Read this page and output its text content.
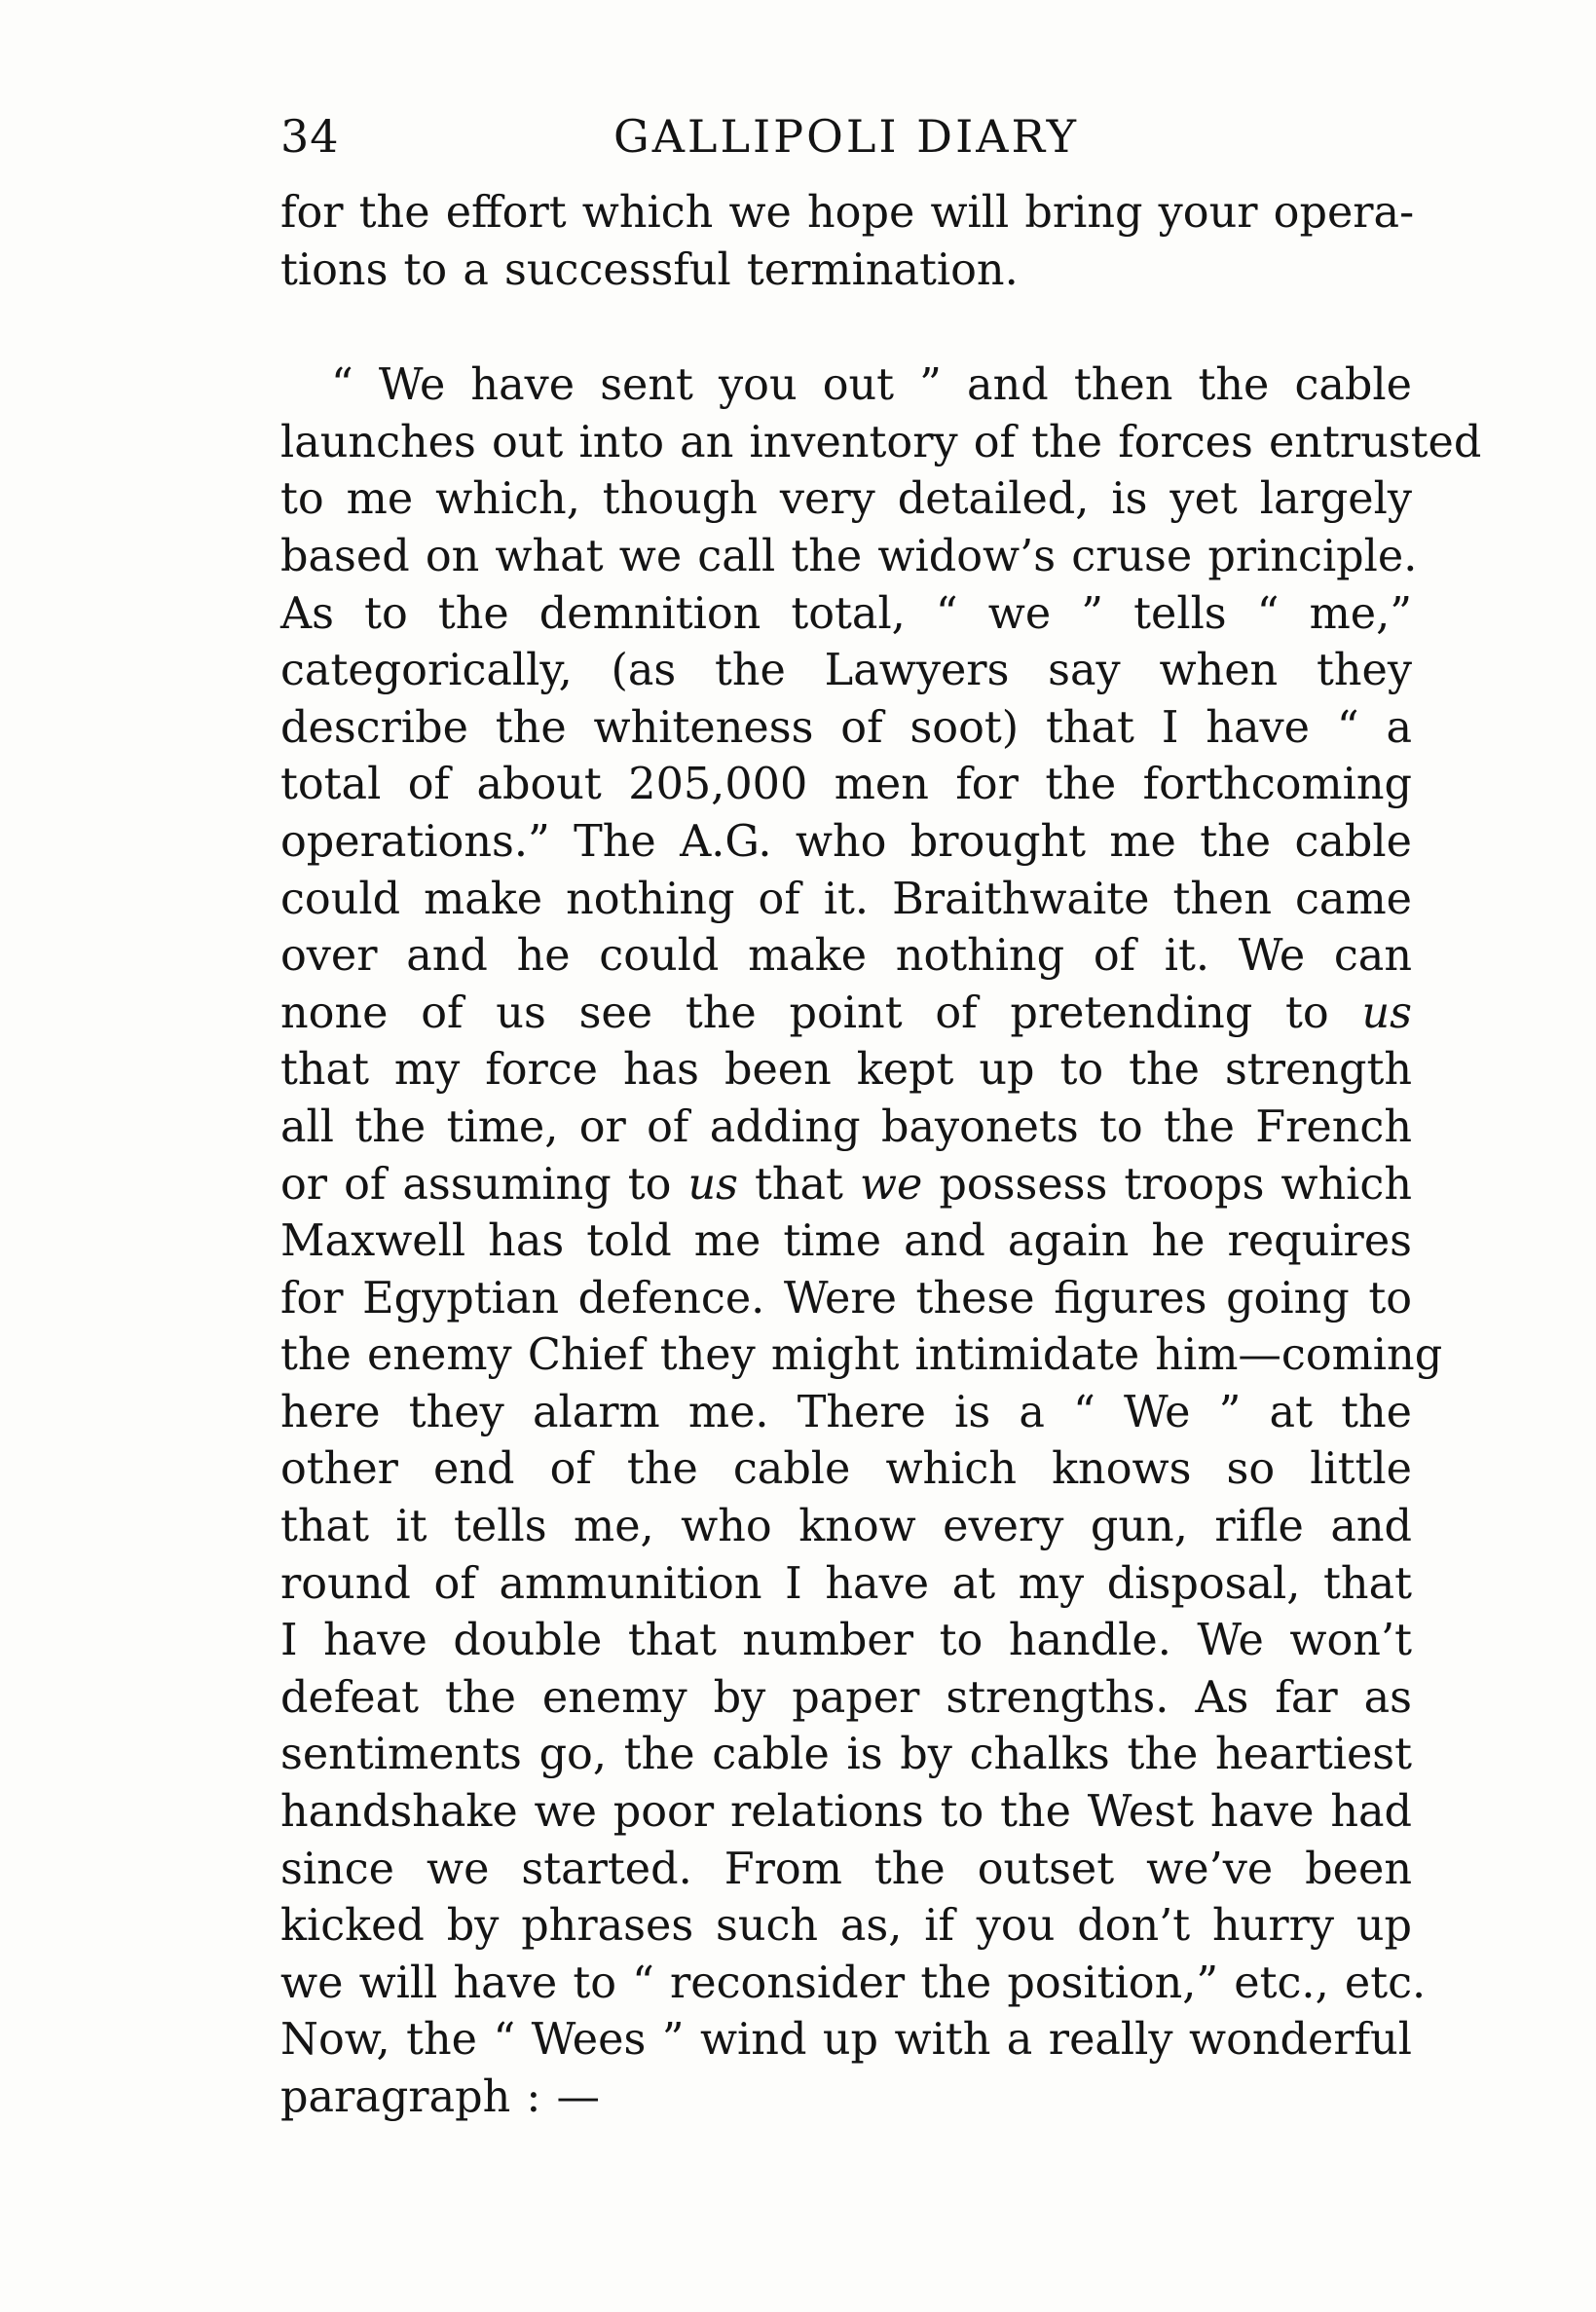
34	GALLIPOLI DIARY

for the effort which we hope will bring your opera-
tions to a successful termination.

“ We have sent you out ” and then the cable
launches out into an inventory of the forces entrusted
to me which, though very detailed, is yet largely
based on what we call the widow’s cruse principle.
As to the demnition total, “ we ” tells “ me,”
categorically, (as the Lawyers say when they
describe the whiteness of soot) that I have “ a
total of about 205,000 men for the forthcoming
operations.” The A.G. who brought me the cable
could make nothing of it. Braithwaite then came
over and he could make nothing of it. We can
none of us see the point of pretending to us
that my force has been kept up to the strength
all the time, or of adding bayonets to the French
or of assuming to us that we possess troops which
Maxwell has told me time and again he requires
for Egyptian defence. Were these figures going to
the enemy Chief they might intimidate him—coming
here they alarm me. There is a “ We ” at the
other end of the cable which knows so little
that it tells me, who know every gun, rifle and
round of ammunition I have at my disposal, that
I have double that number to handle. We won’t
defeat the enemy by paper strengths. As far as
sentiments go, the cable is by chalks the heartiest
handshake we poor relations to the West have had
since we started. From the outset we’ve been
kicked by phrases such as, if you don’t hurry up
we will have to “ reconsider the position,” etc., etc.
Now, the “ Wees ” wind up with a really wonderful
paragraph : —
